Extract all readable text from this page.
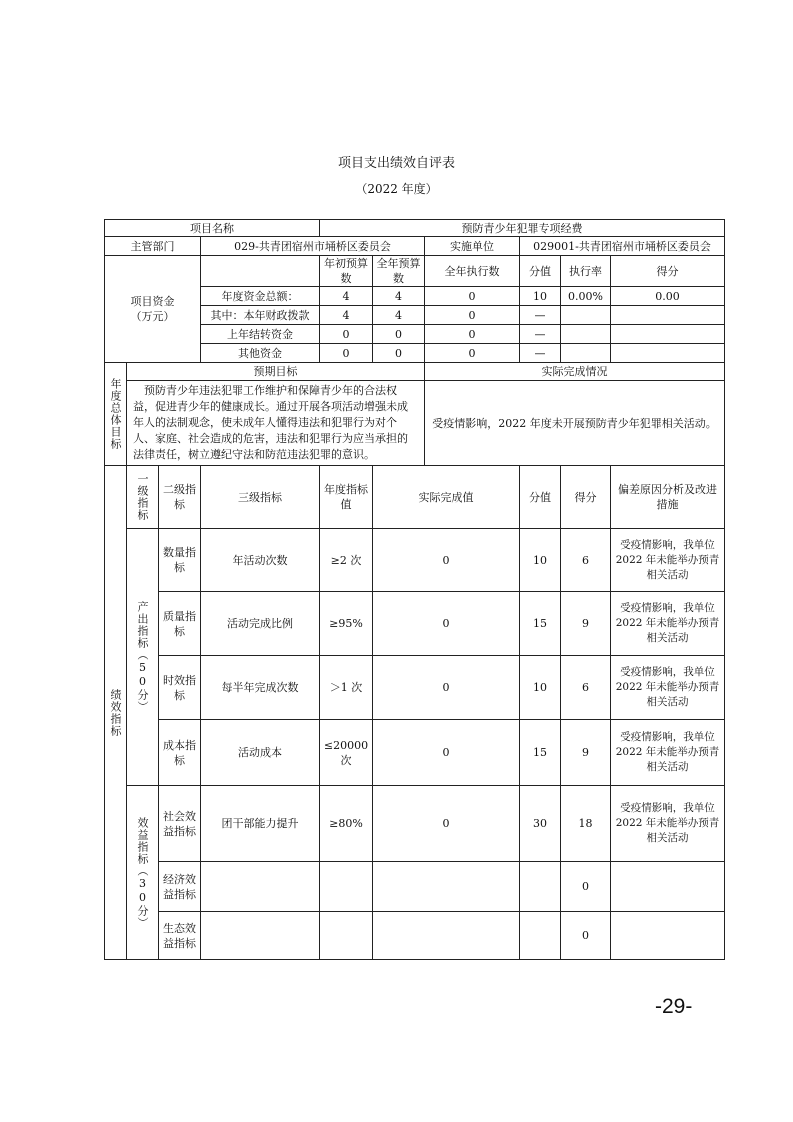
项目支出绩效自评表
（2022 年度）
项目名称				预防青少年犯罪专项经费					
主管部门			029-共青团宿州市埇桥区委员会			实施单位	029001-共青团宿州市埇桥区委员会		
项目资金（万元）				年初预算数	全年预算数	全年执行数	分值	执行率	得分
			年度资金总额：	4	4	0	10	0.00%	0.00
			其中：本年财政拨款	4	4	0	—		
			上年结转资金	0	0	0	—		
			其他资金	0	0	0	—		
年度总体目标	预期目标					实际完成情况			
	预防青少年违法犯罪工作维护和保障青少年的合法权益，促进青少年的健康成长。通过开展各项活动增强未成年人的法制观念，使未成年人懂得违法和犯罪行为对个人、家庭、社会造成的危害，违法和犯罪行为应当承担的法律责任，树立遵纪守法和防范违法犯罪的意识。					受疫情影响，2022 年度未开展预防青少年犯罪相关活动。			
绩效指标	一级指标	二级指标	三级指标	年度指标值	实际完成值		分值	得分	偏差原因分析及改进措施
	产出指标（50分）	数量指标	年活动次数	≥2 次	0		10	6	受疫情影响，我单位 2022 年未能举办预青相关活动
		质量指标	活动完成比例	≥95%	0		15	9	受疫情影响，我单位 2022 年未能举办预青相关活动
		时效指标	每半年完成次数	＞1 次	0		10	6	受疫情影响，我单位 2022 年未能举办预青相关活动
		成本指标	活动成本	≤20000次	0		15	9	受疫情影响，我单位 2022 年未能举办预青相关活动
	效益指标（30分）	社会效益指标	团干部能力提升	≥80%	0		30	18	受疫情影响，我单位 2022 年未能举办预青相关活动
		经济效益指标						0	
		生态效益指标						0	
-29-
